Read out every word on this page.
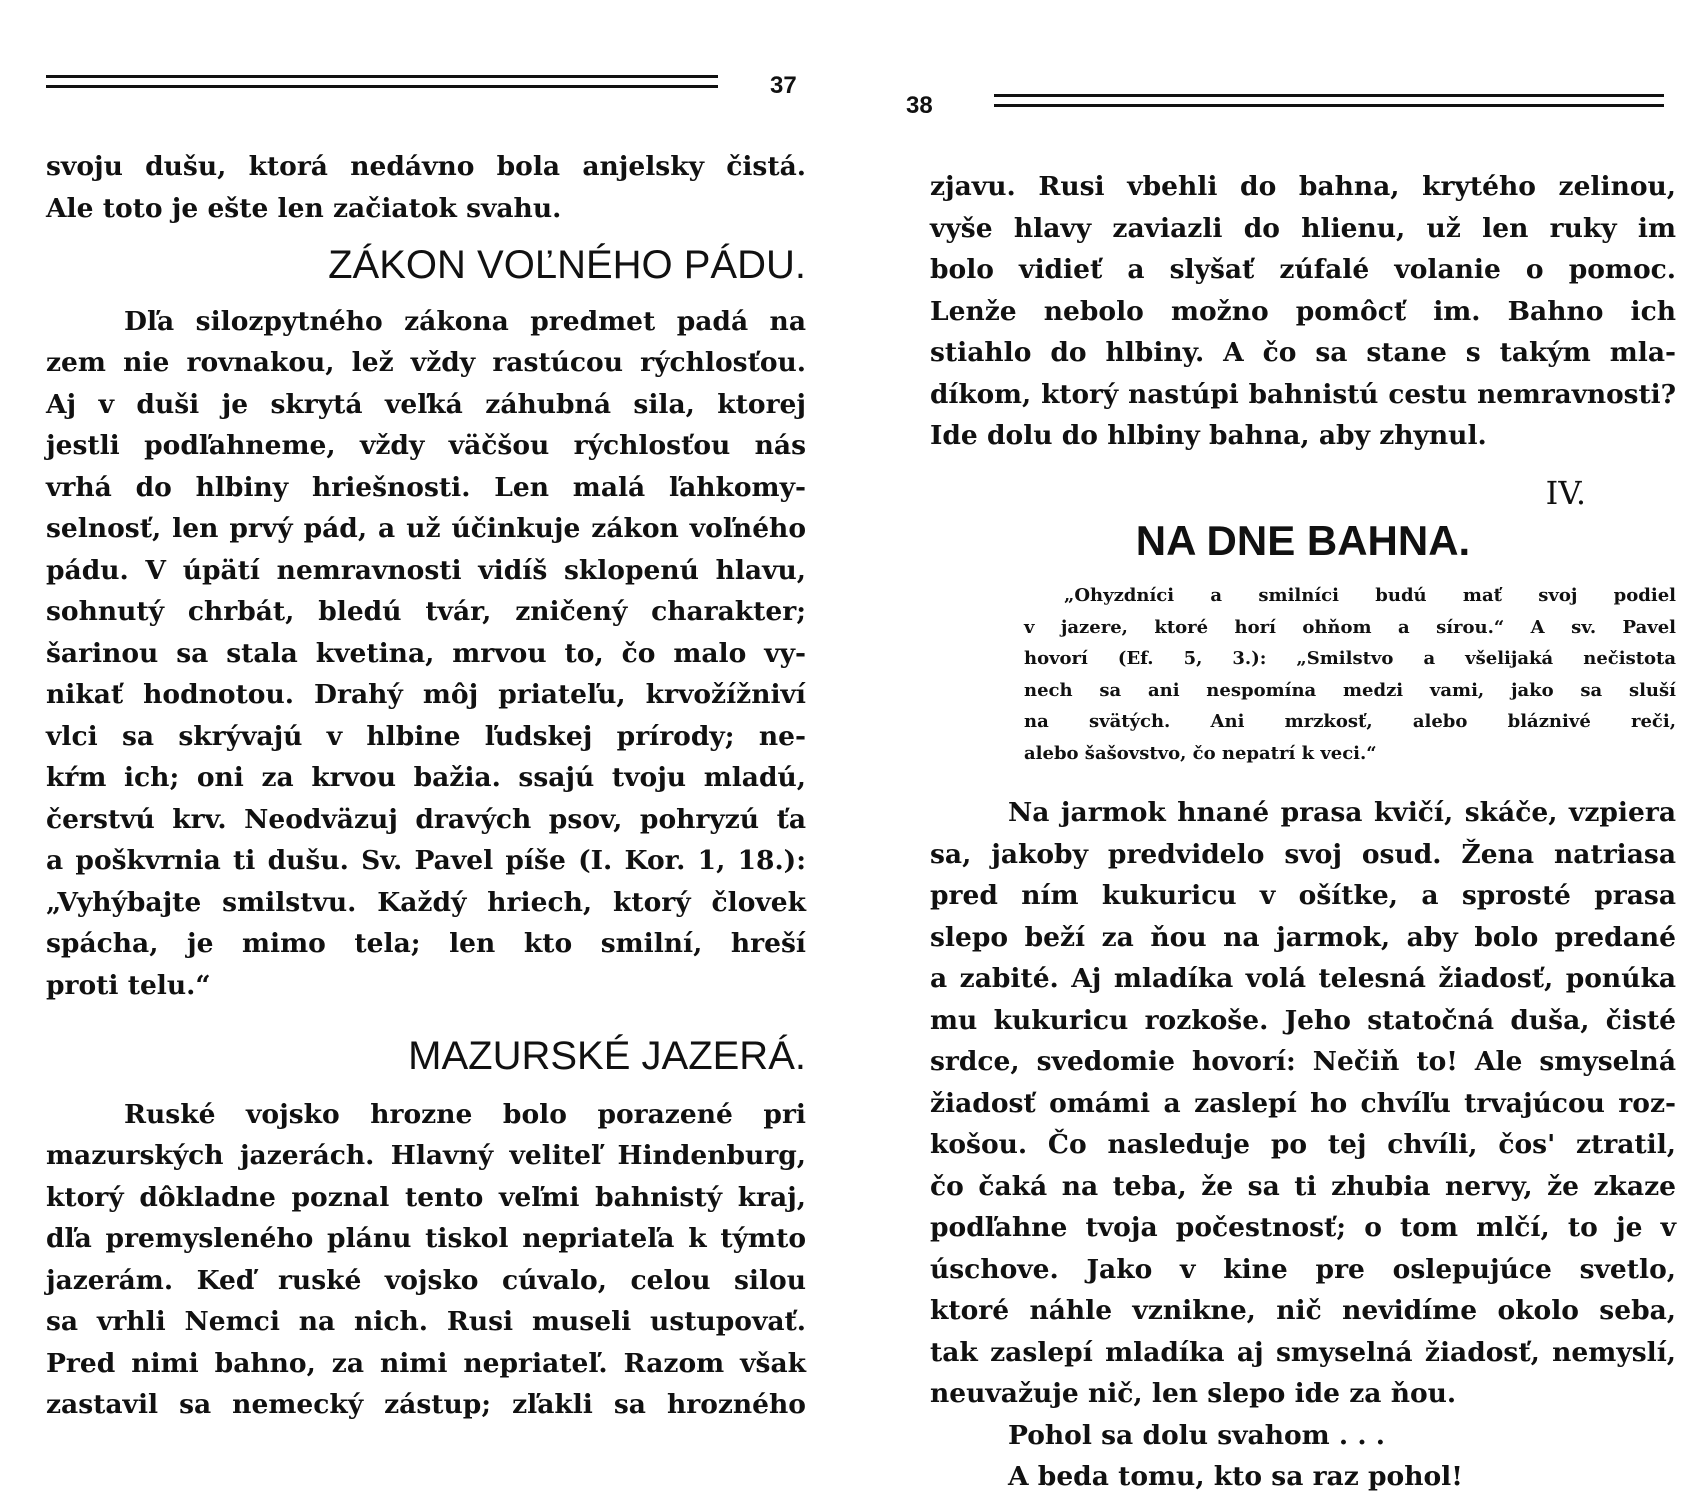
37

svoju dušu, ktorá nedávno bola anjelsky čistá.

Ale toto je ešte len začiatok svahu.

ZÁKON VOĽNÉHO PÁDU.

Dľa silozpytného zákona predmet padá na

zem nie rovnakou, lež vždy rastúcou rýchlosťou.

Aj v duši je skrytá veľká záhubná sila, ktorej

jestli podľahneme, vždy väčšou rýchlosťou nás

vrhá do hlbiny hriešnosti. Len malá ľahkomy-

selnosť, len prvý pád, a už účinkuje zákon voľného

pádu. V úpätí nemravnosti vidíš sklopenú hlavu,

sohnutý chrbát, bledú tvár, zničený charakter;

šarinou sa stala kvetina, mrvou to, čo malo vy-

nikať hodnotou. Drahý môj priateľu, krvožížniví

vlci sa skrývajú v hlbine ľudskej prírody; ne-

kŕm ich; oni za krvou bažia. ssajú tvoju mladú,

čerstvú krv. Neodväzuj dravých psov, pohryzú ťa

a poškvrnia ti dušu. Sv. Pavel píše (I. Kor. 1, 18.):

„Vyhýbajte smilstvu. Každý hriech, ktorý človek

spácha, je mimo tela; len kto smilní, hreší

proti telu.“

MAZURSKÉ JAZERÁ.

Ruské vojsko hrozne bolo porazené pri

mazurských jazerách. Hlavný veliteľ Hindenburg,

ktorý dôkladne poznal tento veľmi bahnistý kraj,

dľa premysleného plánu tiskol nepriateľa k týmto

jazerám. Keď ruské vojsko cúvalo, celou silou

sa vrhli Nemci na nich. Rusi museli ustupovať.

Pred nimi bahno, za nimi nepriateľ. Razom však

zastavil sa nemecký zástup; zľakli sa hrozného

38

zjavu. Rusi vbehli do bahna, krytého zelinou,

vyše hlavy zaviazli do hlienu, už len ruky im

bolo vidieť a slyšať zúfalé volanie o pomoc.

Lenže nebolo možno pomôcť im. Bahno ich

stiahlo do hlbiny. A čo sa stane s takým mla-

díkom, ktorý nastúpi bahnistú cestu nemravnosti?

Ide dolu do hlbiny bahna, aby zhynul.

IV.
NA DNE BAHNA.

„Ohyzdníci a smilníci budú mať svoj podiel

v jazere, ktoré horí ohňom a sírou.“ A sv. Pavel

hovorí (Ef. 5, 3.): „Smilstvo a všelijaká nečistota

nech sa ani nespomína medzi vami, jako sa sluší

na svätých. Ani mrzkosť, alebo bláznivé reči,

alebo šašovstvo, čo nepatrí k veci.“

Na jarmok hnané prasa kvičí, skáče, vzpiera

sa, jakoby predvidelo svoj osud. Žena natriasa

pred ním kukuricu v ošítke, a sprosté prasa

slepo beží za ňou na jarmok, aby bolo predané

a zabité. Aj mladíka volá telesná žiadosť, ponúka

mu kukuricu rozkoše. Jeho statočná duša, čisté

srdce, svedomie hovorí: Nečiň to! Ale smyselná

žiadosť omámi a zaslepí ho chvíľu trvajúcou roz-

košou. Čo nasleduje po tej chvíli, čos' ztratil,

čo čaká na teba, že sa ti zhubia nervy, že zkaze

podľahne tvoja počestnosť; o tom mlčí, to je v

úschove. Jako v kine pre oslepujúce svetlo,

ktoré náhle vznikne, nič nevidíme okolo seba,

tak zaslepí mladíka aj smyselná žiadosť, nemyslí,

neuvažuje nič, len slepo ide za ňou.

Pohol sa dolu svahom . . .

A beda tomu, kto sa raz pohol!
